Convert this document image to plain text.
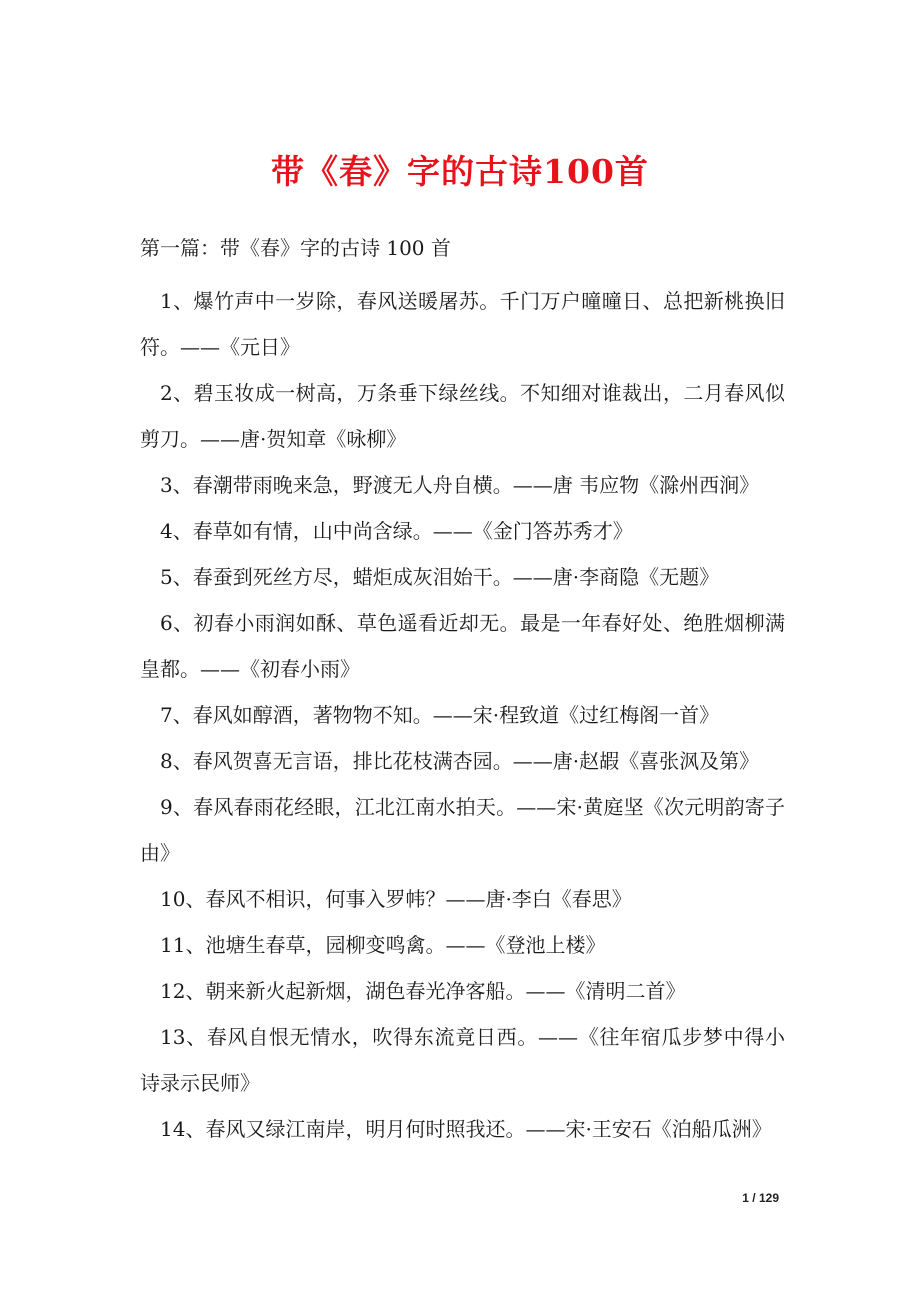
带《春》字的古诗100首

第一篇：带《春》字的古诗 100 首

1、爆竹声中一岁除，春风送暖屠苏。千门万户曈曈日、总把新桃换旧 符。——《元日》

2、碧玉妆成一树高，万条垂下绿丝线。不知细对谁裁出，二月春风似剪刀。——唐·贺知章《咏柳》

3、春潮带雨晚来急，野渡无人舟自横。——唐 韦应物《滁州西涧》

4、春草如有情，山中尚含绿。——《金门答苏秀才》

5、春蚕到死丝方尽，蜡炬成灰泪始干。——唐·李商隐《无题》

6、初春小雨润如酥、草色遥看近却无。最是一年春好处、绝胜烟柳满皇都。——《初春小雨》

7、春风如醇酒，著物物不知。——宋·程致道《过红梅阁一首》

8、春风贺喜无言语，排比花枝满杏园。——唐·赵嘏《喜张沨及第》

9、春风春雨花经眼，江北江南水拍天。——宋·黄庭坚《次元明韵寄子由》

10、春风不相识，何事入罗帏？——唐·李白《春思》

11、池塘生春草，园柳变鸣禽。——《登池上楼》

12、朝来新火起新烟，湖色春光净客船。——《清明二首》

13、春风自恨无情水，吹得东流竟日西。——《往年宿瓜步梦中得小诗录示民师》

14、春风又绿江南岸，明月何时照我还。——宋·王安石《泊船瓜洲》

1 / 129
